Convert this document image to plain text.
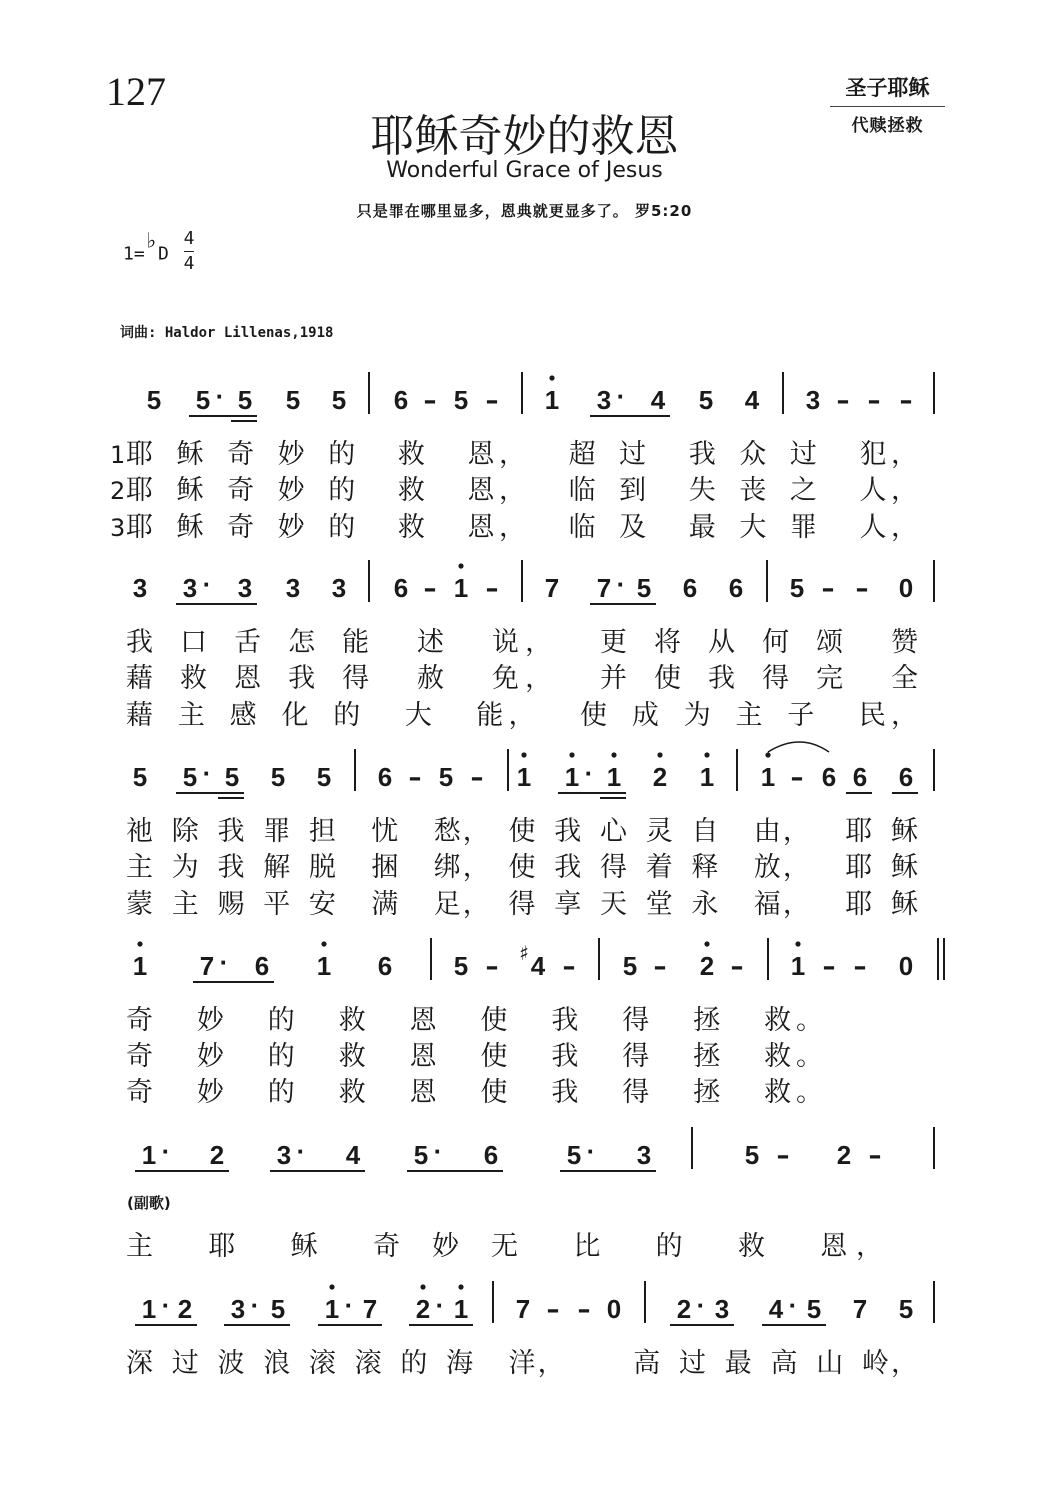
127	圣子耶稣
代赎拯救
耶稣奇妙的救恩
Wonderful Grace of Jesus
只是罪在哪里显多，恩典就更显多了。 罗5:20
1=♭D $\frac{4}{4}$
词曲: Haldor Lillenas,1918
5 5 · 5 5 5 6 – 5 – 1 3 · 4 5 4 3 – – –
1 耶 稣 奇 妙 的  救  恩，  超 过  我 众 过  犯，
2 耶 稣 奇 妙 的  救  恩，  临 到  失 丧 之  人，
3 耶 稣 奇 妙 的  救  恩，  临 及  最 大 罪  人，
3 3 · 3 3 3 6 – 1 – 7 7 · 5 6 6 5 – – 0
我 口 舌 怎 能  述  说，  更 将 从 何 颂  赞
藉 救 恩 我 得  赦  免，  并 使 我 得 完  全
藉 主 感 化 的  大  能，  使 成 为 主 子  民，
5 5 · 5 5 5 6 – 5 – 1 1 · 1 2 1 1 – 6 6 6
祂 除 我 罪 担  忧  愁， 使 我 心 灵 自  由，  耶 稣
主 为 我 解 脱  捆  绑， 使 我 得 着 释  放，  耶 稣
蒙 主 赐 平 安  满  足， 得 享 天 堂 永  福，  耶 稣
1 7 · 6 1 6 5 – 4
♯ – 5 – 2 – 1 – – 0
奇  妙  的  救  恩  使  我  得  拯  救。
奇  妙  的  救  恩  使  我  得  拯  救。
奇  妙  的  救  恩  使  我  得  拯  救。
1 · 2 3 · 4 5 · 6	5 · 3	5 – 2 –
主  耶  稣  奇 妙 无  比  的  救  恩，
(副歌)
1 · 2 3 · 5 1 · 7 2 · 1 7 – – 0 2 · 3 4 · 5 7 5
深 过 波 浪 滚 滚 的 海  洋，    高 过 最 高 山 岭，
